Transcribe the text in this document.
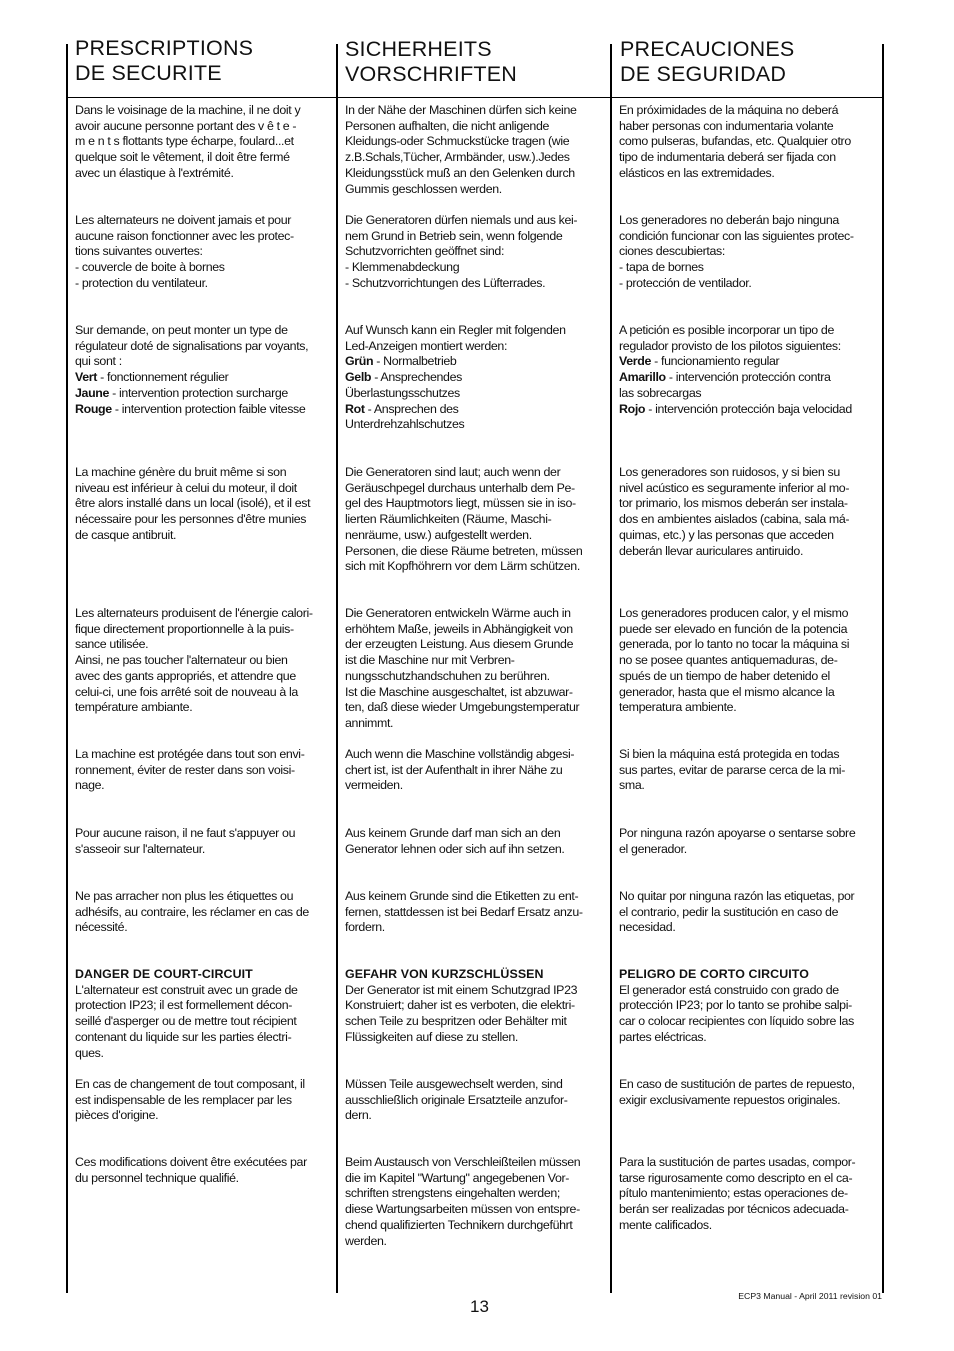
PRESCRIPTIONS
DE SECURITE
SICHERHEITS
VORSCHRIFTEN
PRECAUCIONES
DE SEGURIDAD
Dans le voisinage de la machine, il ne doit y
avoir aucune personne portant des v ê t e -
m e n t s flottants type écharpe, foulard...et
quelque soit le vêtement, il doit être fermé
avec un élastique à l'extrémité.
Les alternateurs ne doivent jamais et pour
aucune raison fonctionner avec les protec-
tions suivantes ouvertes:
- couvercle de boite à bornes
- protection du ventilateur.
Sur demande, on peut monter un type de
régulateur doté de signalisations par voyants,
qui sont :
Vert - fonctionnement régulier
Jaune - intervention protection surcharge
Rouge - intervention protection faible vitesse
La machine génère du bruit même si son
niveau est inférieur à celui du moteur, il doit
être alors installé dans un local (isolé), et il est
nécessaire pour les personnes d'être munies
de casque antibruit.
Les alternateurs produisent de l'énergie calori-
fique directement proportionnelle à la puis-
sance utilisée.
Ainsi, ne pas toucher l'alternateur ou bien
avec des gants appropriés, et attendre que
celui-ci, une fois arrêté soit de nouveau à la
température ambiante.
La machine est protégée dans tout son envi-
ronnement, éviter de rester dans son voisi-
nage.
Pour aucune raison, il ne faut s'appuyer ou
s'asseoir sur l'alternateur.
Ne pas arracher non plus les étiquettes ou
adhésifs, au contraire, les réclamer en cas de
nécessité.
DANGER DE COURT-CIRCUIT
L'alternateur est construit avec un grade de
protection IP23; il est formellement décon-
seillé d'asperger ou de mettre tout récipient
contenant du liquide sur les parties électri-
ques.
En cas de changement de tout composant, il
est indispensable de les remplacer par les
pièces d'origine.
Ces modifications doivent être exécutées par
du personnel technique qualifié.
In der Nähe der Maschinen dürfen sich keine
Personen aufhalten, die nicht anligende
Kleidungs-oder Schmuckstücke tragen (wie
z.B.Schals,Tücher, Armbänder, usw.).Jedes
Kleidungsstück muß an den Gelenken durch
Gummis geschlossen werden.
Die Generatoren dürfen niemals und aus kei-
nem Grund in Betrieb sein, wenn folgende
Schutzvorrichten geöffnet sind:
- Klemmenabdeckung
- Schutzvorrichtungen des Lüfterrades.
Auf Wunsch kann ein Regler mit folgenden
Led-Anzeigen montiert werden:
Grün - Normalbetrieb
Gelb - Ansprechendes
Überlastungsschutzes
Rot - Ansprechen des
Unterdrehzahlschutzes
Die Generatoren sind laut; auch wenn der
Geräuschpegel durchaus unterhalb dem Pe-
gel des Hauptmotors liegt, müssen sie in iso-
lierten Räumlichkeiten (Räume, Maschi-
nenräume, usw.) aufgestellt werden.
Personen, die diese Räume betreten, müssen
sich mit Kopfhöhrern vor dem Lärm schützen.
Die Generatoren entwickeln Wärme auch in
erhöhtem Maße, jeweils in Abhängigkeit von
der erzeugten Leistung. Aus diesem Grunde
ist die Maschine nur mit Verbren-
nungsschutzhandschuhen zu berühren.
Ist die Maschine ausgeschaltet, ist abzuwar-
ten, daß diese wieder Umgebungstemperatur
annimmt.
Auch wenn die Maschine vollständig abgesi-
chert ist, ist der Aufenthalt in ihrer Nähe zu
vermeiden.
Aus keinem Grunde darf man sich an den
Generator lehnen oder sich auf ihn setzen.
Aus keinem Grunde sind die Etiketten zu ent-
fernen, stattdessen ist bei Bedarf Ersatz anzu-
fordern.
GEFAHR VON KURZSCHLÜSSEN
Der Generator ist mit einem Schutzgrad IP23
Konstruiert; daher ist es verboten, die elektri-
schen Teile zu bespritzen oder Behälter mit
Flüssigkeiten auf diese zu stellen.
Müssen Teile ausgewechselt werden, sind
ausschließlich originale Ersatzteile anzufor-
dern.
Beim Austausch von Verschleißteilen müssen
die im Kapitel "Wartung" angegebenen Vor-
schriften strengstens eingehalten werden;
diese Wartungsarbeiten müssen von entspre-
chend qualifizierten Technikern durchgeführt
werden.
En próximidades de la máquina no deberá
haber personas con indumentaria volante
como pulseras, bufandas, etc. Qualquier otro
tipo de indumentaria deberá ser fijada con
elásticos en las extremidades.
Los generadores no deberán bajo ninguna
condición funcionar con las siguientes protec-
ciones descubiertas:
- tapa de bornes
- protección de ventilador.
A petición es posible incorporar un tipo de
regulador provisto de los pilotos siguientes:
Verde - funcionamiento regular
Amarillo - intervención protección contra
las sobrecargas
Rojo - intervención protección baja velocidad
Los generadores son ruidosos, y si bien su
nivel acústico es seguramente inferior al mo-
tor primario, los mismos deberán ser instala-
dos en ambientes aislados (cabina, sala má-
quimas, etc.) y las personas que acceden
deberán llevar auriculares antiruido.
Los generadores producen calor, y el mismo
puede ser elevado en función de la potencia
generada, por lo tanto no tocar la máquina si
no se posee quantes antiquemaduras, de-
spués de un tiempo de haber detenido el
generador, hasta que el mismo alcance la
temperatura ambiente.
Si bien la máquina está protegida en todas
sus partes, evitar de pararse cerca de la mi-
sma.
Por ninguna razón apoyarse o sentarse sobre
el generador.
No quitar por ninguna razón las etiquetas, por
el contrario, pedir la sustitución en caso de
necesidad.
PELIGRO DE CORTO CIRCUITO
El generador está construido con grado de
protección IP23; por lo tanto se prohibe salpi-
car o colocar recipientes con líquido sobre las
partes eléctricas.
En caso de sustitución de partes de repuesto,
exigir exclusivamente repuestos originales.
Para la sustitución de partes usadas, compor-
tarse rigurosamente como descripto en el ca-
pítulo mantenimiento; estas operaciones de-
berán ser realizadas por técnicos adecuada-
mente calificados.
13
ECP3 Manual - April 2011 revision 01
